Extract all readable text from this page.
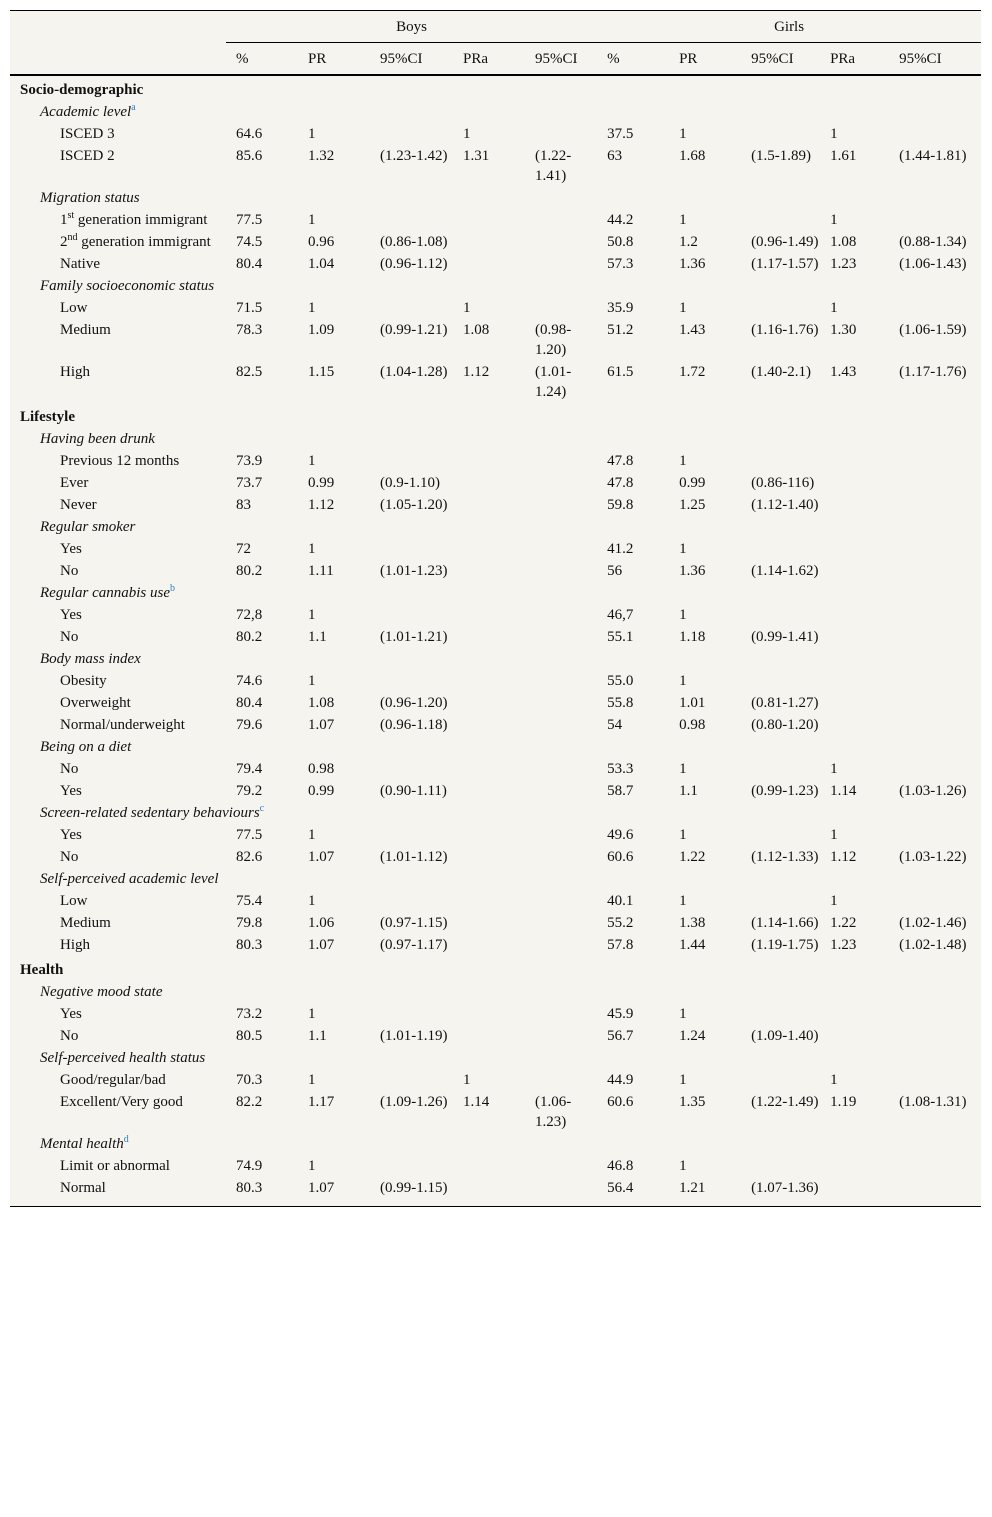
	Boys					Girls				
	%	PR	95%CI	PRa	95%CI	%	PR	95%CI	PRa	95%CI
Socio-demographic										
Academic level$^a$
ISCED 3	64.6	1		1		37.5	1		1	
ISCED 2	85.6	1.32	(1.23-1.42)	1.31	(1.22-1.41)	63	1.68	(1.5-1.89)	1.61	(1.44-1.81)
Migration status										
1st generation immigrant	77.5	1				44.2	1		1	
2nd generation immigrant	74.5	0.96	(0.86-1.08)			50.8	1.2	(0.96-1.49)	1.08	(0.88-1.34)
Native	80.4	1.04	(0.96-1.12)			57.3	1.36	(1.17-1.57)	1.23	(1.06-1.43)
Family socioeconomic status										
Low	71.5	1		1		35.9	1		1	
Medium	78.3	1.09	(0.99-1.21)	1.08	(0.98-1.20)	51.2	1.43	(1.16-1.76)	1.30	(1.06-1.59)
High	82.5	1.15	(1.04-1.28)	1.12	(1.01-1.24)	61.5	1.72	(1.40-2.1)	1.43	(1.17-1.76)
Lifestyle										
Having been drunk										
Previous 12 months	73.9	1				47.8	1			
Ever	73.7	0.99	(0.9-1.10)			47.8	0.99	(0.86-116)		
Never	83	1.12	(1.05-1.20)			59.8	1.25	(1.12-1.40)		
Regular smoker										
Yes	72	1				41.2	1			
No	80.2	1.11	(1.01-1.23)			56	1.36	(1.14-1.62)		
Regular cannabis use$^b$
Yes	72,8	1				46,7	1			
No	80.2	1.1	(1.01-1.21)			55.1	1.18	(0.99-1.41)		
Body mass index										
Obesity	74.6	1				55.0	1			
Overweight	80.4	1.08	(0.96-1.20)			55.8	1.01	(0.81-1.27)		
Normal/underweight	79.6	1.07	(0.96-1.18)			54	0.98	(0.80-1.20)		
Being on a diet										
No	79.4	0.98				53.3	1		1	
Yes	79.2	0.99	(0.90-1.11)			58.7	1.1	(0.99-1.23)	1.14	(1.03-1.26)
Screen-related sedentary behaviours$^c$
Yes	77.5	1				49.6	1		1	
No	82.6	1.07	(1.01-1.12)			60.6	1.22	(1.12-1.33)	1.12	(1.03-1.22)
Self-perceived academic level										
Low	75.4	1				40.1	1		1	
Medium	79.8	1.06	(0.97-1.15)			55.2	1.38	(1.14-1.66)	1.22	(1.02-1.46)
High	80.3	1.07	(0.97-1.17)			57.8	1.44	(1.19-1.75)	1.23	(1.02-1.48)
Health										
Negative mood state										
Yes	73.2	1				45.9	1			
No	80.5	1.1	(1.01-1.19)			56.7	1.24	(1.09-1.40)		
Self-perceived health status										
Good/regular/bad	70.3	1		1		44.9	1		1	
Excellent/Very good	82.2	1.17	(1.09-1.26)	1.14	(1.06-1.23)	60.6	1.35	(1.22-1.49)	1.19	(1.08-1.31)
Mental health$^d$
Limit or abnormal	74.9	1				46.8	1			
Normal	80.3	1.07	(0.99-1.15)			56.4	1.21	(1.07-1.36)		
